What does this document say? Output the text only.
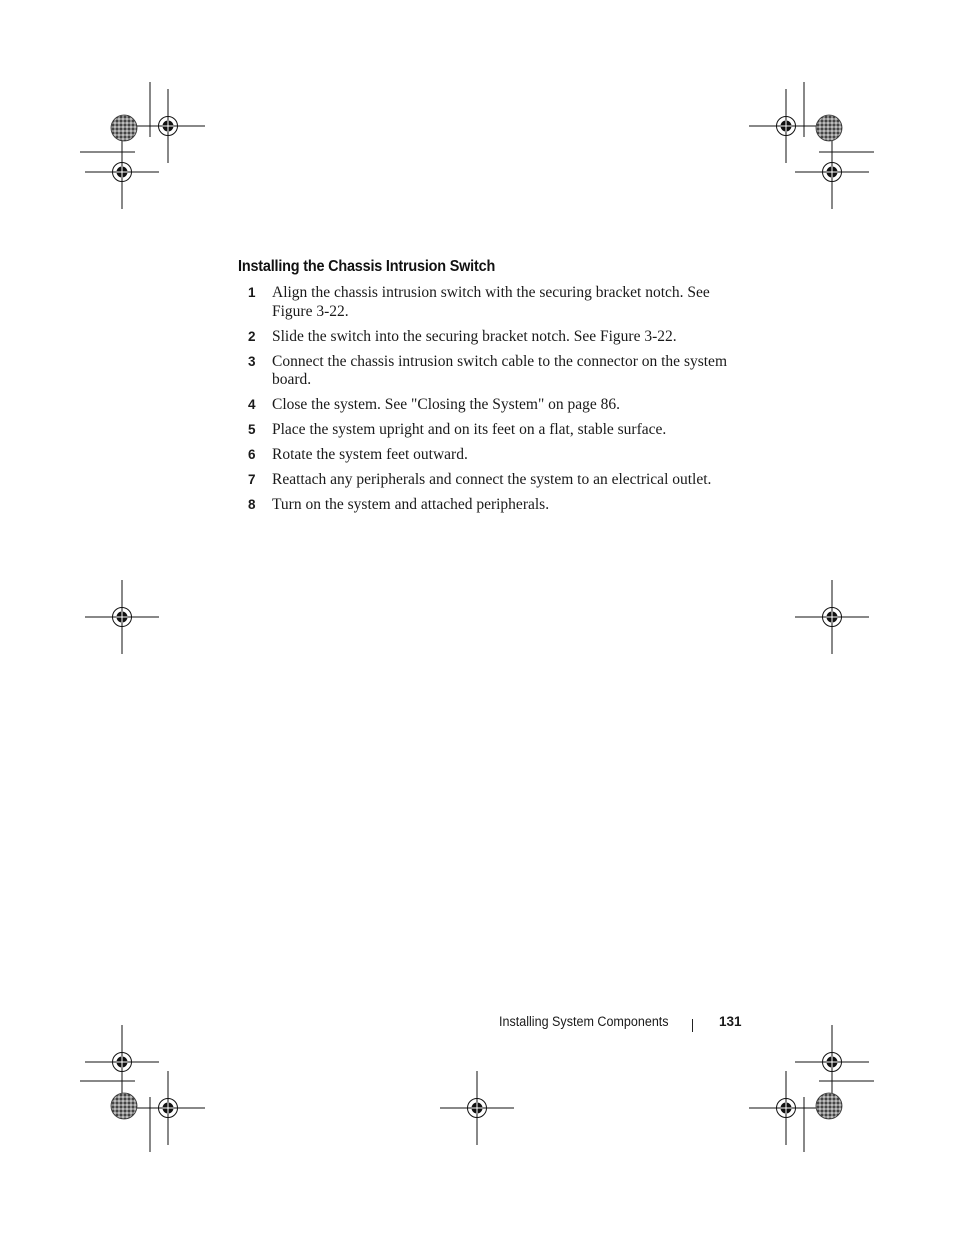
Installing the Chassis Intrusion Switch
1 Align the chassis intrusion switch with the securing bracket notch. See Figure 3-22.
2 Slide the switch into the securing bracket notch. See Figure 3-22.
3 Connect the chassis intrusion switch cable to the connector on the system board.
4 Close the system. See "Closing the System" on page 86.
5 Place the system upright and on its feet on a flat, stable surface.
6 Rotate the system feet outward.
7 Reattach any peripherals and connect the system to an electrical outlet.
8 Turn on the system and attached peripherals.
Installing System Components	131
